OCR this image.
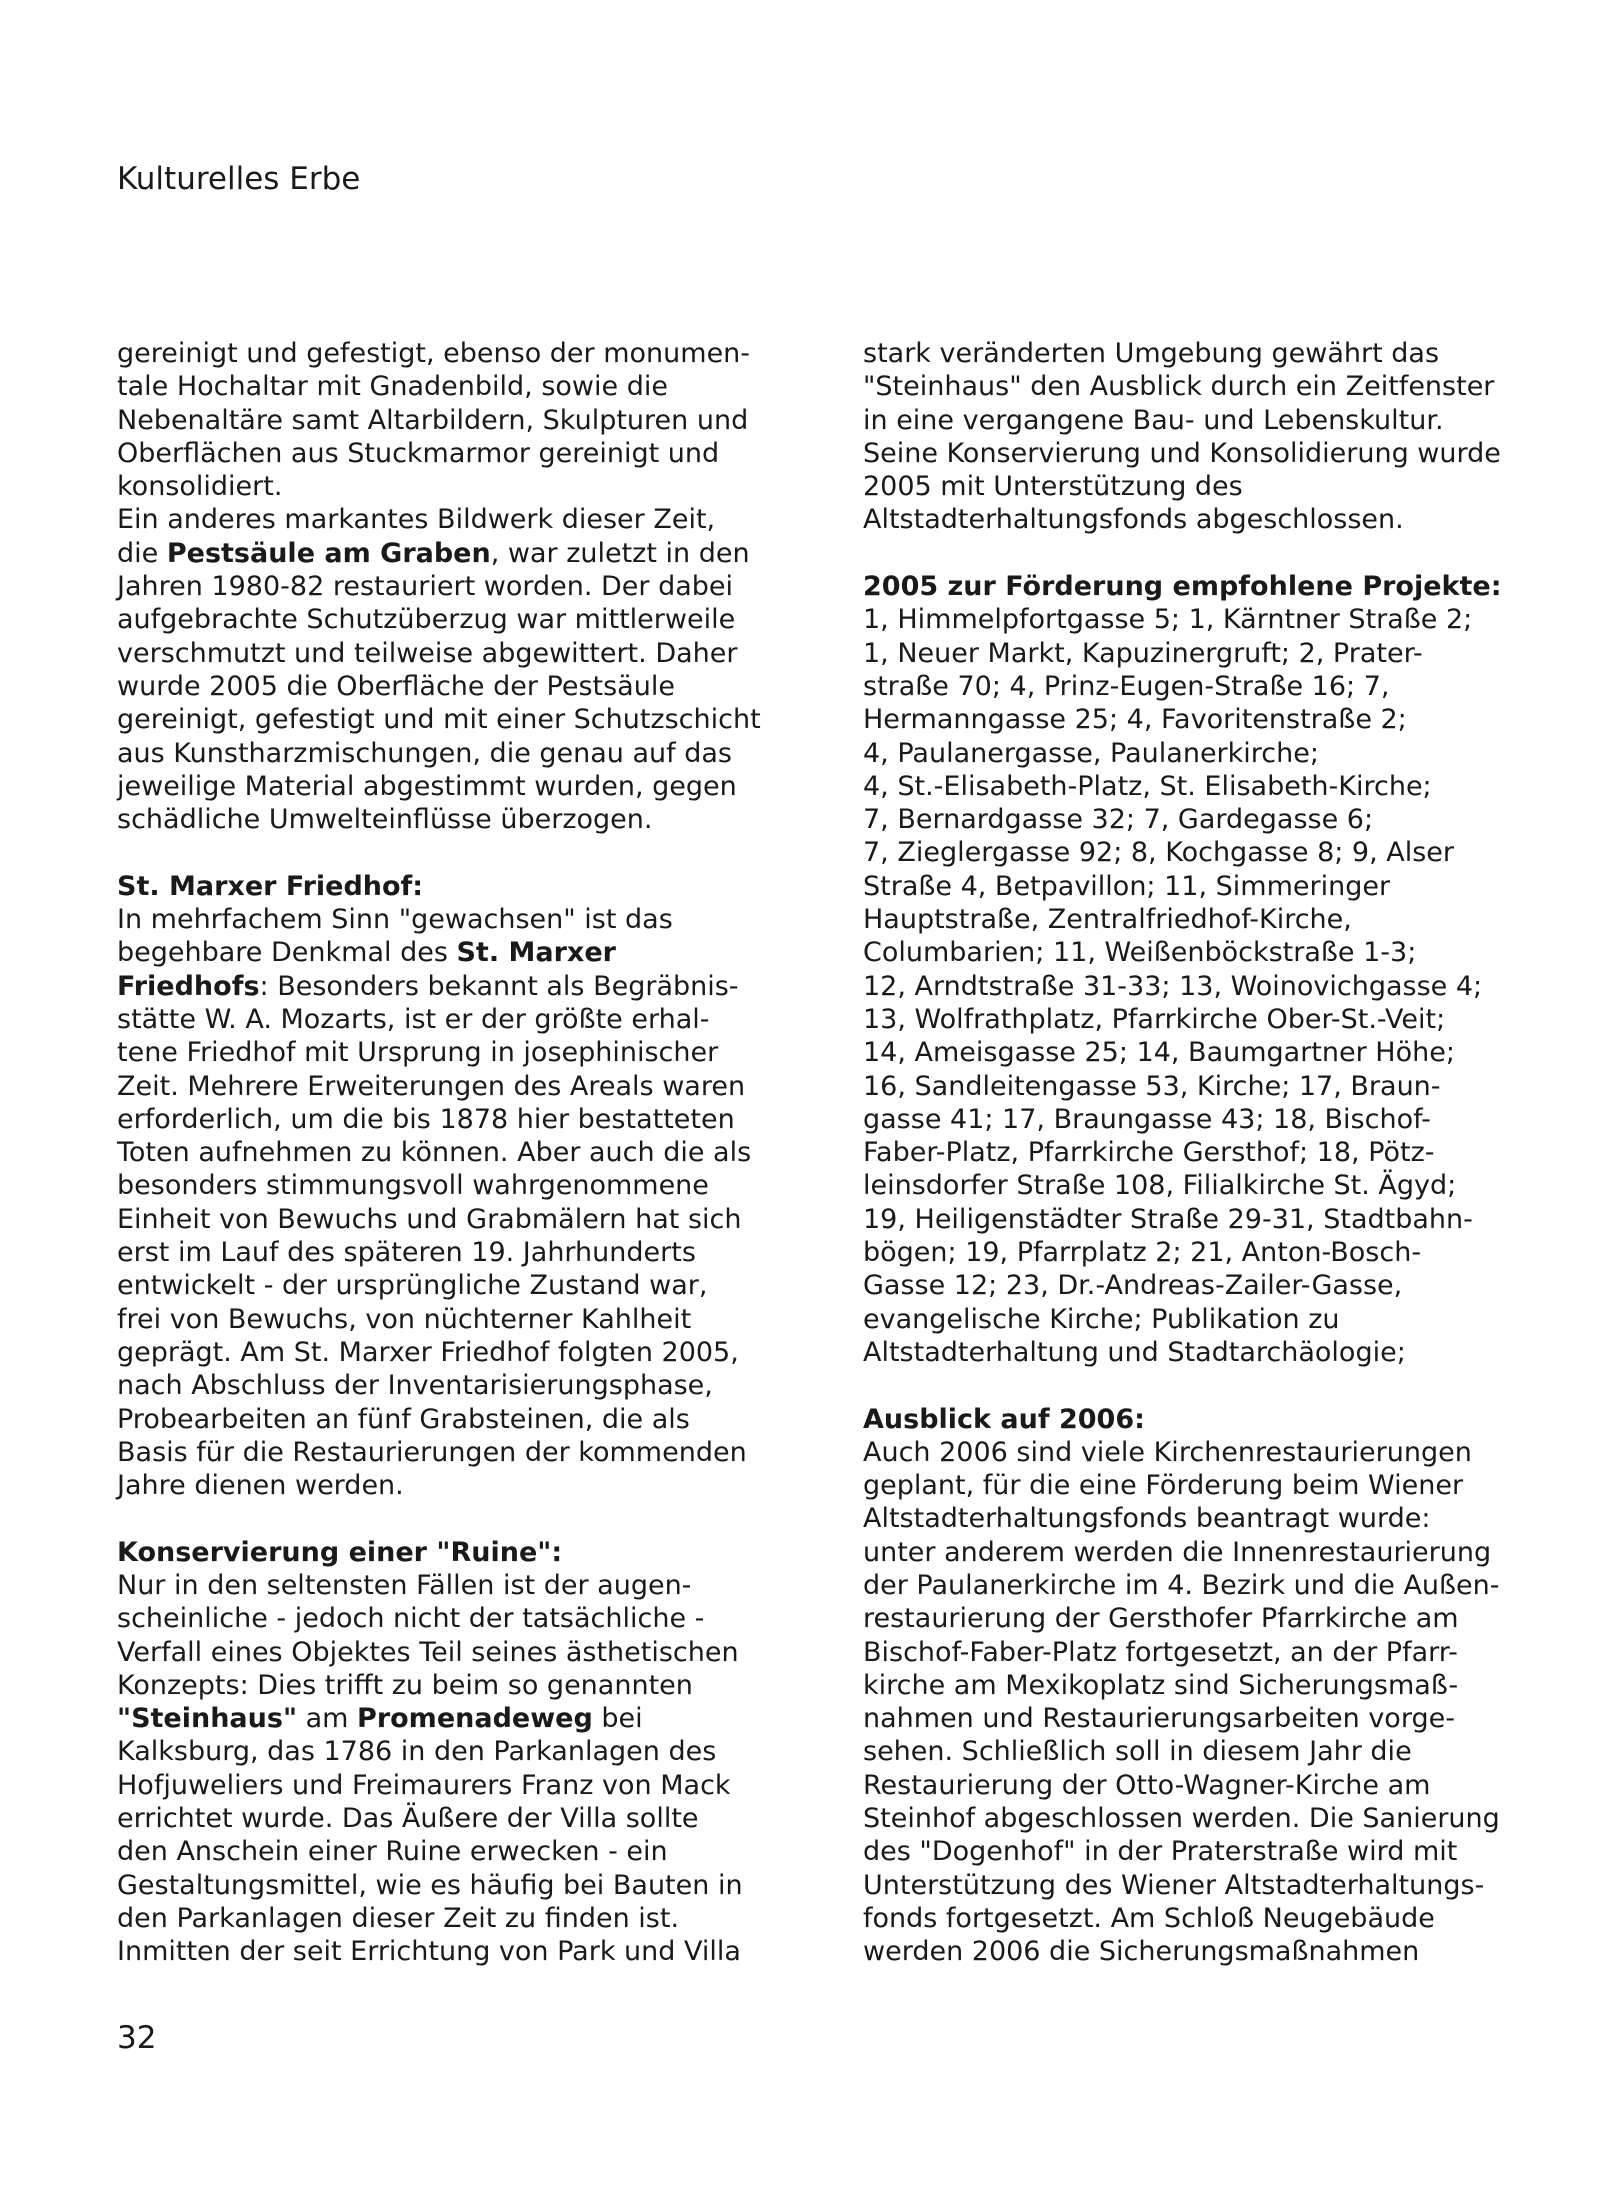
Kulturelles Erbe
gereinigt und gefestigt, ebenso der monumen-
tale Hochaltar mit Gnadenbild, sowie die
Nebenaltäre samt Altarbildern, Skulpturen und
Oberflächen aus Stuckmarmor gereinigt und
konsolidiert.
Ein anderes markantes Bildwerk dieser Zeit,
die Pestsäule am Graben, war zuletzt in den
Jahren 1980-82 restauriert worden. Der dabei
aufgebrachte Schutzüberzug war mittlerweile
verschmutzt und teilweise abgewittert. Daher
wurde 2005 die Oberfläche der Pestsäule
gereinigt, gefestigt und mit einer Schutzschicht
aus Kunstharzmischungen, die genau auf das
jeweilige Material abgestimmt wurden, gegen
schädliche Umwelteinflüsse überzogen.
St. Marxer Friedhof:
In mehrfachem Sinn "gewachsen" ist das
begehbare Denkmal des St. Marxer
Friedhofs: Besonders bekannt als Begräbnis-
stätte W. A. Mozarts, ist er der größte erhal-
tene Friedhof mit Ursprung in josephinischer
Zeit. Mehrere Erweiterungen des Areals waren
erforderlich, um die bis 1878 hier bestatteten
Toten aufnehmen zu können. Aber auch die als
besonders stimmungsvoll wahrgenommene
Einheit von Bewuchs und Grabmälern hat sich
erst im Lauf des späteren 19. Jahrhunderts
entwickelt - der ursprüngliche Zustand war,
frei von Bewuchs, von nüchterner Kahlheit
geprägt. Am St. Marxer Friedhof folgten 2005,
nach Abschluss der Inventarisierungsphase,
Probearbeiten an fünf Grabsteinen, die als
Basis für die Restaurierungen der kommenden
Jahre dienen werden.
Konservierung einer "Ruine":
Nur in den seltensten Fällen ist der augen-
scheinliche - jedoch nicht der tatsächliche -
Verfall eines Objektes Teil seines ästhetischen
Konzepts: Dies trifft zu beim so genannten
"Steinhaus" am Promenadeweg bei
Kalksburg, das 1786 in den Parkanlagen des
Hofjuweliers und Freimaurers Franz von Mack
errichtet wurde. Das Äußere der Villa sollte
den Anschein einer Ruine erwecken - ein
Gestaltungsmittel, wie es häufig bei Bauten in
den Parkanlagen dieser Zeit zu finden ist.
Inmitten der seit Errichtung von Park und Villa
stark veränderten Umgebung gewährt das
"Steinhaus" den Ausblick durch ein Zeitfenster
in eine vergangene Bau- und Lebenskultur.
Seine Konservierung und Konsolidierung wurde
2005 mit Unterstützung des
Altstadterhaltungsfonds abgeschlossen.
2005 zur Förderung empfohlene Projekte:
1, Himmelpfortgasse 5; 1, Kärntner Straße 2;
1, Neuer Markt, Kapuzinergruft; 2, Prater-
straße 70; 4, Prinz-Eugen-Straße 16; 7,
Hermanngasse 25; 4, Favoritenstraße 2;
4, Paulanergasse, Paulanerkirche;
4, St.-Elisabeth-Platz, St. Elisabeth-Kirche;
7, Bernardgasse 32; 7, Gardegasse 6;
7, Zieglergasse 92; 8, Kochgasse 8; 9, Alser
Straße 4, Betpavillon; 11, Simmeringer
Hauptstraße, Zentralfriedhof-Kirche,
Columbarien; 11, Weißenböckstraße 1-3;
12, Arndtstraße 31-33; 13, Woinovichgasse 4;
13, Wolfrathplatz, Pfarrkirche Ober-St.-Veit;
14, Ameisgasse 25; 14, Baumgartner Höhe;
16, Sandleitengasse 53, Kirche; 17, Braun-
gasse 41; 17, Braungasse 43; 18, Bischof-
Faber-Platz, Pfarrkirche Gersthof; 18, Pötz-
leinsdorfer Straße 108, Filialkirche St. Ägyd;
19, Heiligenstädter Straße 29-31, Stadtbahn-
bögen; 19, Pfarrplatz 2; 21, Anton-Bosch-
Gasse 12; 23, Dr.-Andreas-Zailer-Gasse,
evangelische Kirche; Publikation zu
Altstadterhaltung und Stadtarchäologie;
Ausblick auf 2006:
Auch 2006 sind viele Kirchenrestaurierungen
geplant, für die eine Förderung beim Wiener
Altstadterhaltungsfonds beantragt wurde:
unter anderem werden die Innenrestaurierung
der Paulanerkirche im 4. Bezirk und die Außen-
restaurierung der Gersthofer Pfarrkirche am
Bischof-Faber-Platz fortgesetzt, an der Pfarr-
kirche am Mexikoplatz sind Sicherungsmaß-
nahmen und Restaurierungsarbeiten vorge-
sehen. Schließlich soll in diesem Jahr die
Restaurierung der Otto-Wagner-Kirche am
Steinhof abgeschlossen werden. Die Sanierung
des "Dogenhof" in der Praterstraße wird mit
Unterstützung des Wiener Altstadterhaltungs-
fonds fortgesetzt. Am Schloß Neugebäude
werden 2006 die Sicherungsmaßnahmen
32
